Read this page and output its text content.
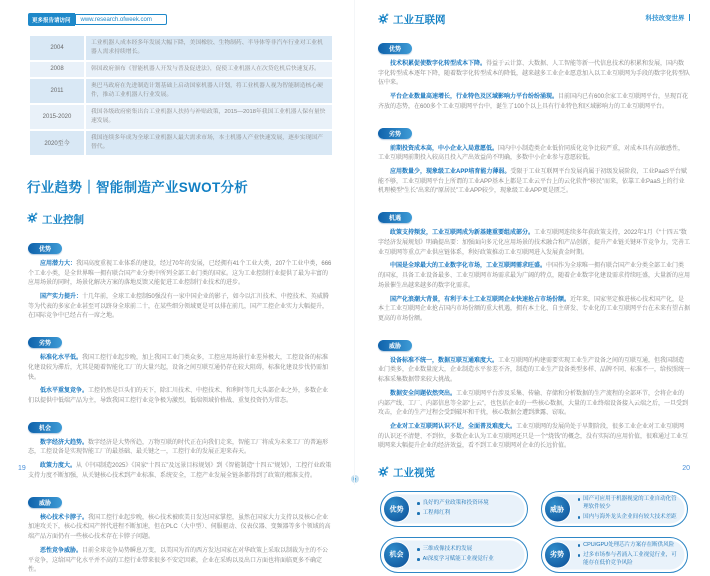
更多报告请访问	www.research.ofweek.com
2004
工业机器人成本经多年发展大幅下降，美国橡胶、生物制药、半导体等非汽车行业对工业机器人需求持续增长。
2008	韩国政府颁布《智能机器人开发与普及促进法》，促使工业机器人在次贷危机后快速复苏。
2011
奥巴马政府在先进制造计划基础上启动国家机器人计划，将工业机器人视为智能制造核心硬件，推动工业机器人行业发展。
2015-2020
我国各级政府密集出台工业机器人扶持与补贴政策，2015—2018年我国工业机器人保有量快速发展。
2020至今
我国连续多年成为全球工业机器人最大需求市场，本土机器人产业快速发展，逐步实现国产替代。
行业趋势｜智能制造产业SWOT分析
工业控制
优势

应用潜力大：我国高度重视工业体系的建设，经过70年的发展，已经拥有41个工业大类，207个工业中类，666个工业小类，是全世界唯一拥有联合国产业分类中所列全部工业门类的国家。这为工业控制行业提供了最为丰富的应用场景的同时，场景化解决方案的落地反馈又能促进工业控制行业技术的进步。

国产实力提升：十几年前，全球工业控制50强没有一家中国企业的影子，如今以汇川技术、中控技术、英威腾等为代表的多家企业甚至可以跻身全球前二十，在某些细分领域更是可以排在前几，国产工控企业实力大幅提升，在国际竞争中已经占有一席之地。

劣势

标准化水平低。我国工控行业起步晚，加上我国工业门类众多，工控应用场景行业差异极大，工控设备的标准化建设较为滞后，尤其是随着智能化工厂的大量兴起，设备之间互联互通仍存在较大阻碍，标准化建设步伐仍需加快。

低水平重复竞争。工控仍然是巨头们的天下，除汇川技术、中控技术、和利时等几大头部企业之外，多数企业们以提供中低端产品为主，导致我国工控行业竞争极为激烈，低端领域价格战、重复投资仍为常态。

机会

数字经济大趋势。数字经济是大势所趋，万物互联的时代正在向我们走来，智能工厂将成为未来工厂的普遍形态，工控设备是实现智能工厂的最基础、最关键之一，工控行业的发展正迎来春天。

政策力度大。从《中国制造2025》《国家“十四五”及远景目标规划》到《智能制造“十四五”规划》，工控行业政策支持力度不断加强，从关键核心技术到产业标准、系统安全，工控产业发展全链条都得到了政策的精准支持。

威胁

核心技术卡脖子。我国工控行业起步晚，核心技术被欧美日发达国家掌控，虽然在国家大力支持以及核心企业加速攻关下，核心技术国产替代进程不断加速，但在PLC（大中型）、伺服驱动、仪表仪器、变频器等多个领域的高端产品方面仍有一些核心技术存在卡脖子问题。

恶性竞争威胁。目前全球竞争局势瞬息万变，以美国为首的西方发达国家在对华政策上采取以制裁为主的不公平竞争，这给国产化水平并不高的工控行业带来很多不安定因素，企业在采购以及出口方面也将面临更多不确定性。

19
科技改变世界
工业互联网
优势

技术积累促使数字化转型成本下降。得益于云计算、大数据、人工智能等新一代信息技术的积累和发展，国内数字化转型成本逐年下降，随着数字化转型成本的降低，越来越多工业企业愿意加入以工业互联网为手段的数字化转型队伍中来。

平台企业数量高速增长，行业特色及区域影响力平台纷纷涌现。目前国内已有600余家工业互联网平台，呈现百花齐放的态势，在600多个工业互联网平台中，诞生了100个以上具有行业特色和区域影响力的工业互联网平台。

劣势

前期投资成本高，中小企业入局意愿低。国内中小制造类企业低价同质化竞争比较严重，对成本具有高敏感性，工业互联网前期投入较高且投入产出效益尚不明确，多数中小企业参与意愿较低。

应用数量少，现象级工业APP培育能力薄弱。受限于工业互联网平台发展尚属于初级发展阶段，工业PaaS平台赋能不够，工业互联网平台上所谓的工业APP基本上都是工业云平台上的云化软件“移民”而来，依靠工业PaaS上的行业机理模型“生长”出来的“原居民”工业APP较少，现象级工业APP更是匮乏。

机遇

政策支持频发，工业互联网成为新基建重要组成部分。工业互联网连续多年获政策支持，2022年1月《“十四五”数字经济发展规划》明确提出要：加强面向多元化应用场景的技术融合和产品创新，提升产业链关键环节竞争力，完善工业互联网等重点产业供应链体系，利好政策推动工业互联网进入发展黄金时期。

中国是全球最大的工业数字化市场，工业互联网需求旺盛。中国作为全球唯一拥有联合国产业分类全部工业门类的国家，具备工业设备最多、工业互联网市场需求最为广阔的特点，随着企业数字化建设需求持续旺盛，大量新的应用场景催生出越来越多的数字化需求。

国产化浪潮大背景，有利于本土工业互联网企业快速抢占市场份额。近年来，国家坚定推进核心技术国产化，是本土工业互联网企业抢占国内市场份额的重大机遇，拥有本土化、自主研发、专业化的工业互联网平台在未来有望占据更高的市场份额。

威胁

设备标准不统一，数据互联互通难度大。工业互联网的构建需要实现工业生产设备之间的互联互通，但我国制造业门类多，企业数量庞大，企业制造水平参差不齐，制造的工业生产设备类型多样、品牌不同、标准不一，给按照统一标准采集数据带来较大挑战。

数据安全问题依然突出。工业互联网平台涉及采集、传输、存储和分析数据的生产流程的全部环节，会将企业的内部产线、工厂、内部信息等全部“上云”，也包括企业的一些核心数据，大量的工业终端设备接入云端之后，一旦受到攻击，企业的生产过程会受到破坏和干扰，核心数据会遭到泄露、窃取。

企业对工业互联网认识不足，全面普及难度大。工业互联网的发展尚处于早期阶段，很多工业企业对工业互联网的认识还不清楚、不到位，多数企业认为工业互联网还只是一个“烧钱”的概念，没有实际的应用价值，很难通过工业互联网来大幅提升企业的经济效益，看不到工业互联网对企业的长远价值。

工业视觉
优势
良好的产业政策和投资环境
工程师红利	威胁
国产可应用于机器视觉的工业自动化管理软件较少
国内与海外龙头企业间有较大技术差距
机会
三维成像技术的发展
AI深度学习赋能工业视觉行业	劣势
CPU/GPU处理芯片方案存在断供风险
过多市场参与者涌入工业视觉行业，可能存在低价竞争风险
20
